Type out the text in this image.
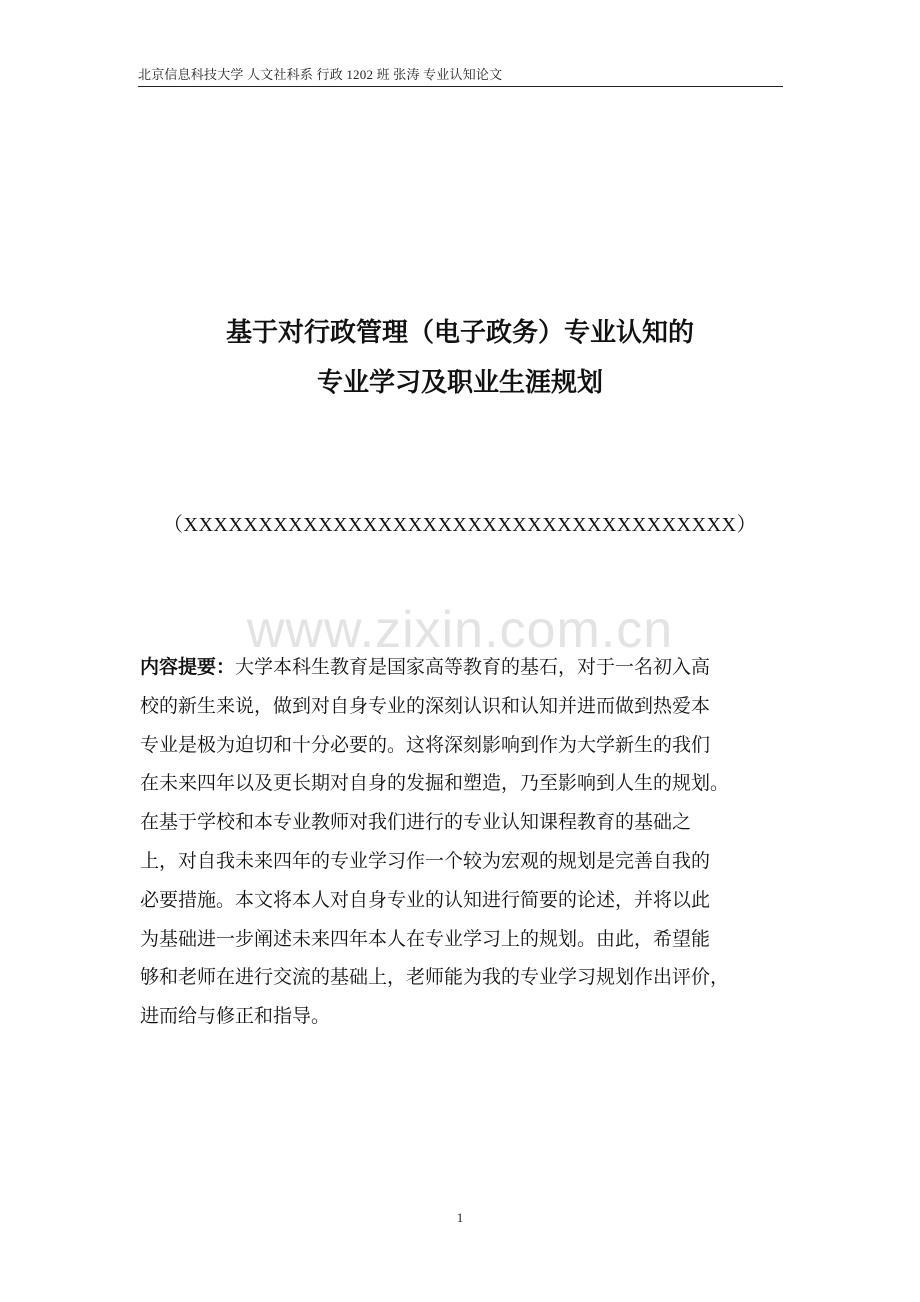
北京信息科技大学 人文社科系 行政 1202 班 张涛 专业认知论文
基于对行政管理（电子政务）专业认知的
专业学习及职业生涯规划
（XXXXXXXXXXXXXXXXXXXXXXXXXXXXXXXXXXXXX）
www.zixin.com.cn
内容提要：大学本科生教育是国家高等教育的基石，对于一名初入高
校的新生来说，做到对自身专业的深刻认识和认知并进而做到热爱本
专业是极为迫切和十分必要的。这将深刻影响到作为大学新生的我们
在未来四年以及更长期对自身的发掘和塑造，乃至影响到人生的规划。
在基于学校和本专业教师对我们进行的专业认知课程教育的基础之
上，对自我未来四年的专业学习作一个较为宏观的规划是完善自我的
必要措施。本文将本人对自身专业的认知进行简要的论述，并将以此
为基础进一步阐述未来四年本人在专业学习上的规划。由此，希望能
够和老师在进行交流的基础上，老师能为我的专业学习规划作出评价，
进而给与修正和指导。
1
